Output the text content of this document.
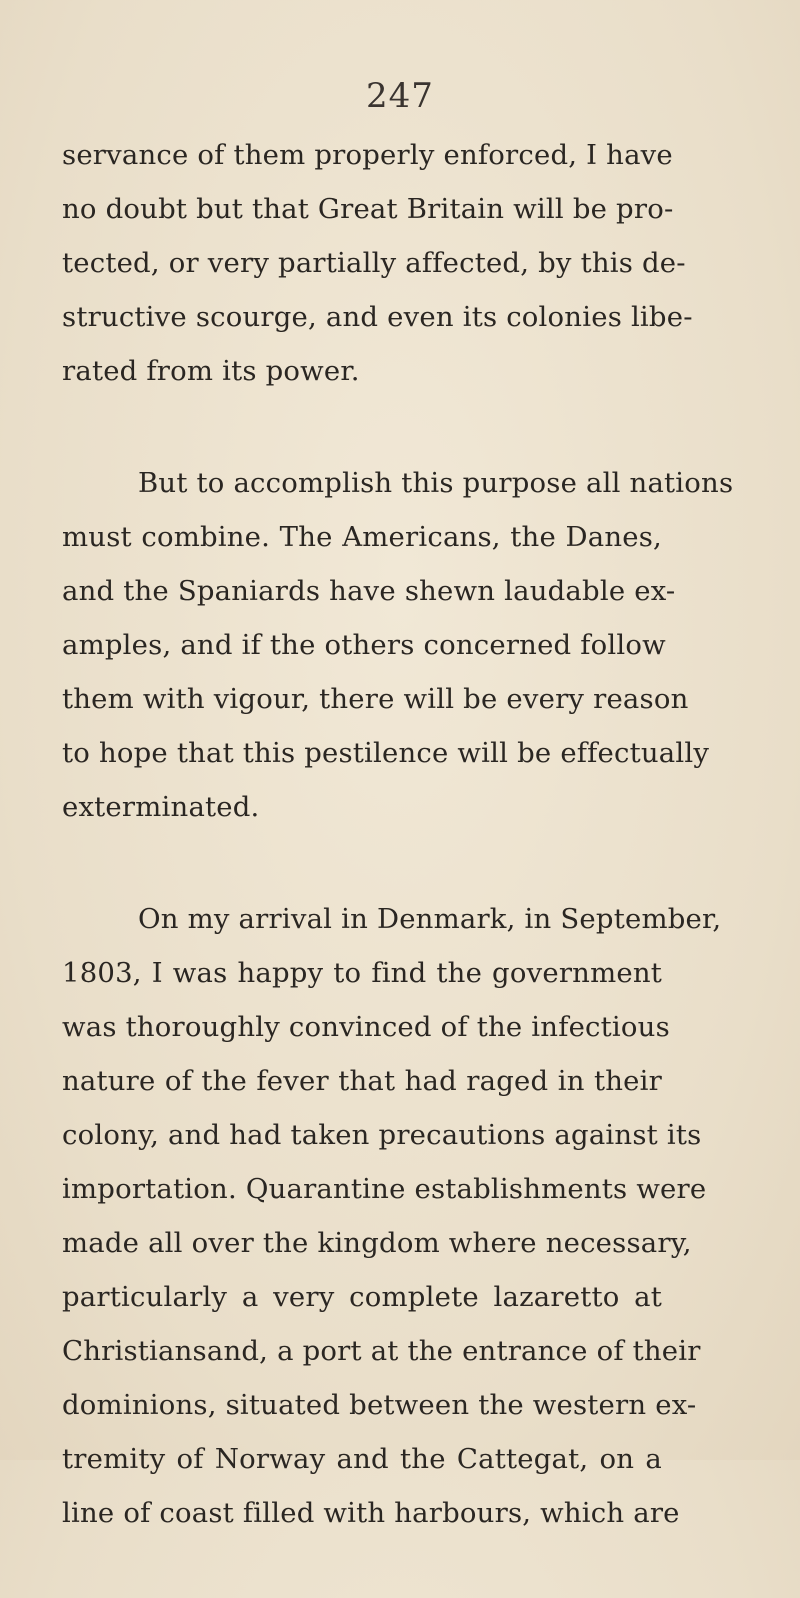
247
servance of them properly enforced, I have
no doubt but that Great Britain will be pro-
tected, or very partially affected, by this de-
structive scourge, and even its colonies libe-
rated from its power.
But to accomplish this purpose all nations
must combine. The Americans, the Danes,
and the Spaniards have shewn laudable ex-
amples, and if the others concerned follow
them with vigour, there will be every reason
to hope that this pestilence will be effectually
exterminated.
On my arrival in Denmark, in September,
1803, I was happy to find the government
was thoroughly convinced of the infectious
nature of the fever that had raged in their
colony, and had taken precautions against its
importation. Quarantine establishments were
made all over the kingdom where necessary,
particularly a very complete lazaretto at
Christiansand, a port at the entrance of their
dominions, situated between the western ex-
tremity of Norway and the Cattegat, on a
line of coast filled with harbours, which are
